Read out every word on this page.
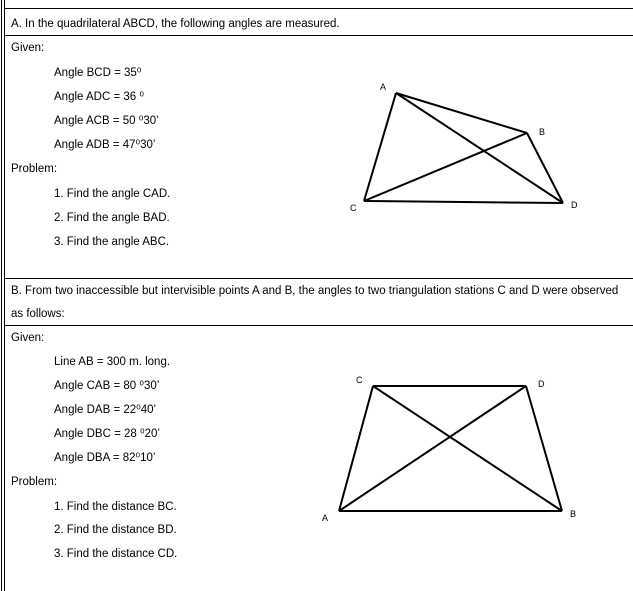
A. In the quadrilateral ABCD, the following angles are measured.
Given:
Angle BCD = 35⁰
Angle ADC = 36 ⁰
Angle ACB = 50 ⁰30’
Angle ADB = 47⁰30’
Problem:
1. Find the angle CAD.
2. Find the angle BAD.
3. Find the angle ABC.
A
B
C	D
B. From two inaccessible but intervisible points A and B, the angles to two triangulation stations C and D were observed
as follows:
Given:
Line AB = 300 m. long.
Angle CAB = 80 ⁰30’
Angle DAB = 22⁰40’
Angle DBC = 28 ⁰20’
Angle DBA = 82⁰10’
Problem:
1. Find the distance BC.
2. Find the distance BD.
3. Find the distance CD.
C	D
A	B
